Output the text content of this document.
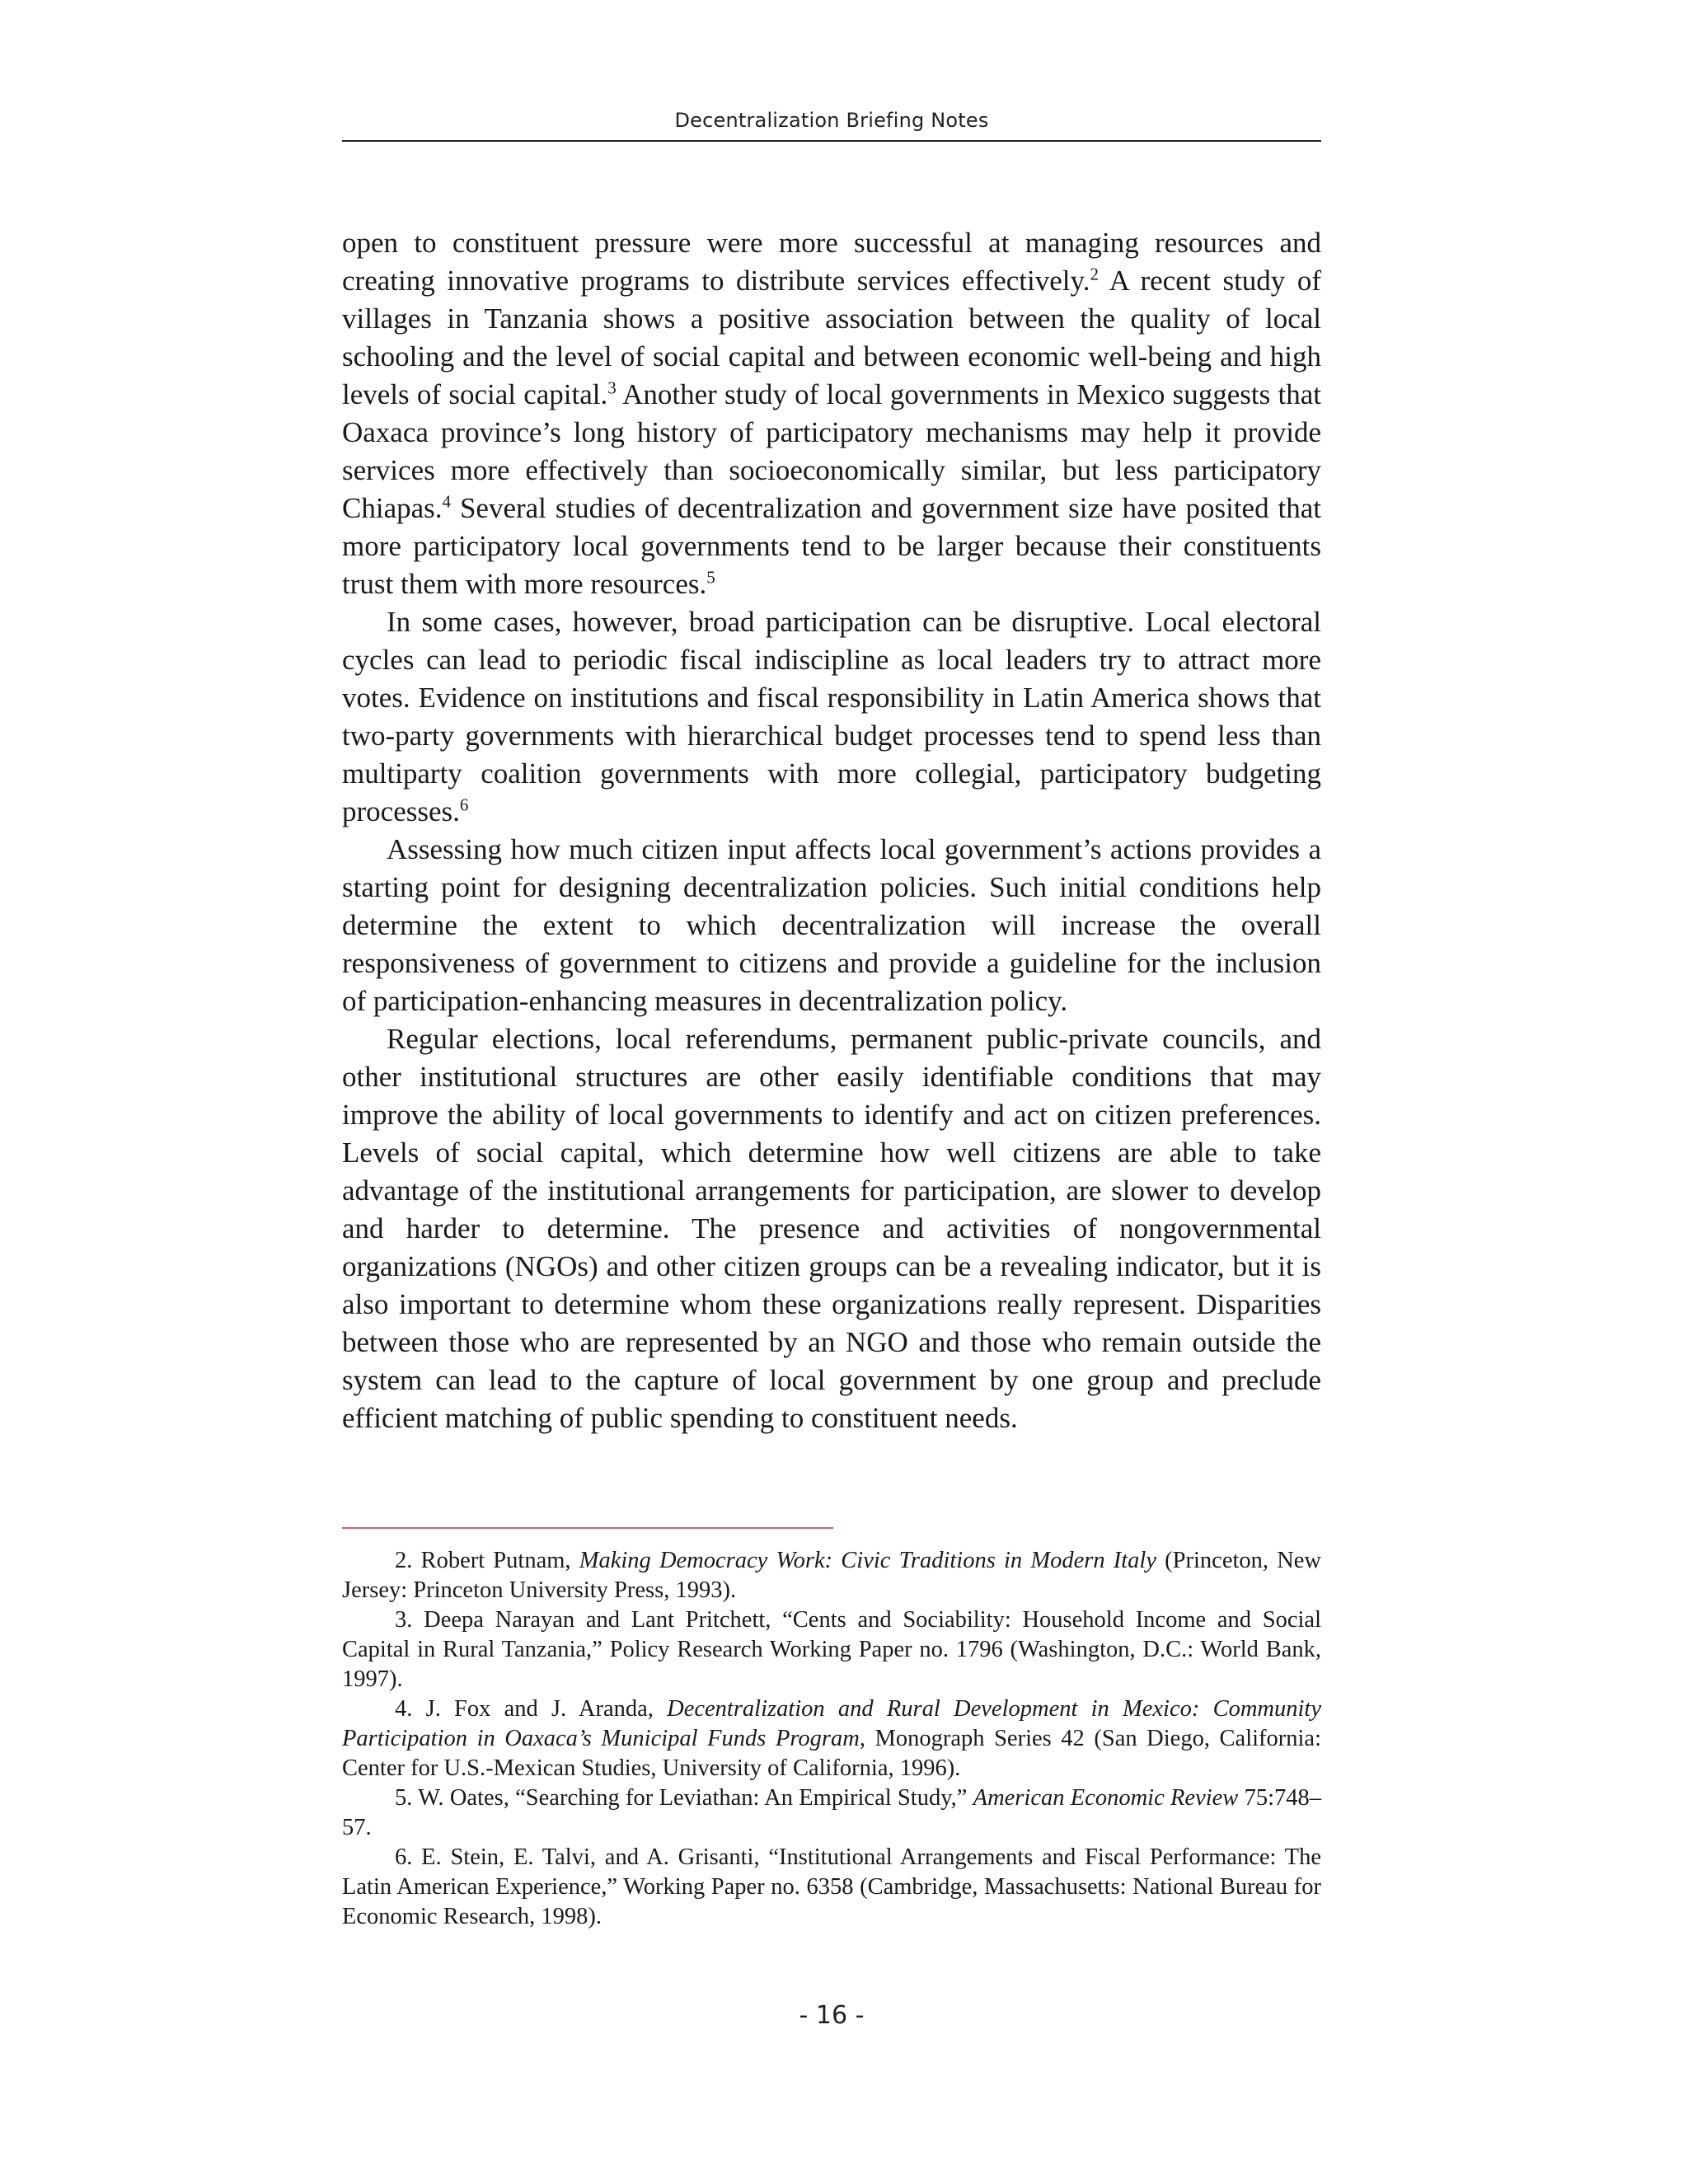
Decentralization Briefing Notes

open to constituent pressure were more successful at managing resources and creating innovative programs to distribute services effectively.$^2$ A recent study of villages in Tanzania shows a positive association between the quality of local schooling and the level of social capital and between economic well-being and high levels of social capital.$^3$ Another study of local governments in Mexico suggests that Oaxaca province’s long history of participatory mechanisms may help it provide services more effectively than socioeconomically similar, but less participatory Chiapas.$^4$ Several studies of decentralization and government size have posited that more participatory local governments tend to be larger because their constituents trust them with more resources.$^5$

In some cases, however, broad participation can be disruptive. Local electoral cycles can lead to periodic fiscal indiscipline as local leaders try to attract more votes. Evidence on institutions and fiscal responsibility in Latin America shows that two-party governments with hierarchical budget processes tend to spend less than multiparty coalition governments with more collegial, participatory budgeting processes.$^6$

Assessing how much citizen input affects local government’s actions provides a starting point for designing decentralization policies. Such initial conditions help determine the extent to which decentralization will increase the overall responsiveness of government to citizens and provide a guideline for the inclusion of participation-enhancing measures in decentralization policy.

Regular elections, local referendums, permanent public-private councils, and other institutional structures are other easily identifiable conditions that may improve the ability of local governments to identify and act on citizen preferences. Levels of social capital, which determine how well citizens are able to take advantage of the institutional arrangements for participation, are slower to develop and harder to determine. The presence and activities of nongovernmental organizations (NGOs) and other citizen groups can be a revealing indicator, but it is also important to determine whom these organizations really represent. Disparities between those who are represented by an NGO and those who remain outside the system can lead to the capture of local government by one group and preclude efficient matching of public spending to constituent needs.

2. Robert Putnam, Making Democracy Work: Civic Traditions in Modern Italy (Princeton, New Jersey: Princeton University Press, 1993).

3. Deepa Narayan and Lant Pritchett, “Cents and Sociability: Household Income and Social Capital in Rural Tanzania,” Policy Research Working Paper no. 1796 (Washington, D.C.: World Bank, 1997).

4. J. Fox and J. Aranda, Decentralization and Rural Development in Mexico: Community Participation in Oaxaca’s Municipal Funds Program, Monograph Series 42 (San Diego, California: Center for U.S.-Mexican Studies, University of California, 1996).

5. W. Oates, “Searching for Leviathan: An Empirical Study,” American Economic Review 75:748–57.

6. E. Stein, E. Talvi, and A. Grisanti, “Institutional Arrangements and Fiscal Performance: The Latin American Experience,” Working Paper no. 6358 (Cambridge, Massachusetts: National Bureau for Economic Research, 1998).

- 16 -
